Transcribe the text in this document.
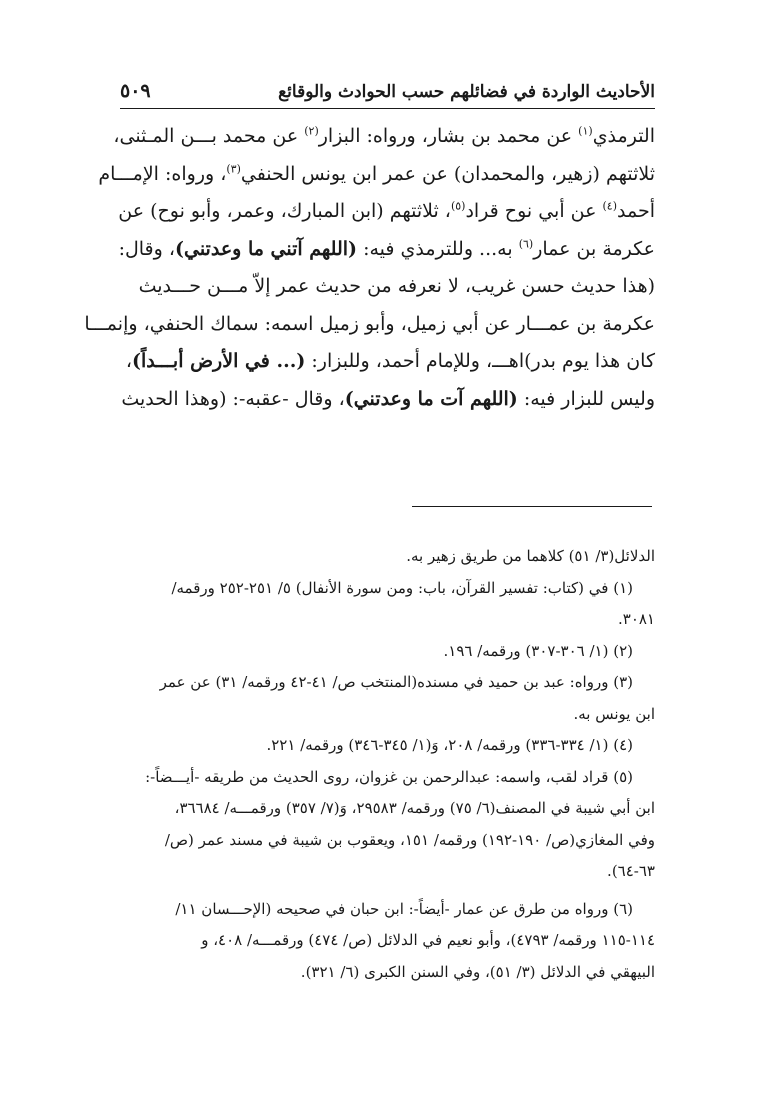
الأحاديث الواردة في فضائلهم حسب الحوادث والوقائع
٥٠٩
الترمذي$^{(١)}$ عن محمد بن بشار، ورواه: البزار$^{(٢)}$ عن محمد بـــن المـثنى،
ثلاثتهم (زهير، والمحمدان) عن عمر ابن يونس الحنفي$^{(٣)}$، ورواه: الإمـــام
أحمد$^{(٤)}$ عن أبي نوح قراد$^{(٥)}$، ثلاثتهم (ابن المبارك، وعمر، وأبو نوح) عن
عكرمة بن عمار$^{(٦)}$ به... وللترمذي فيه: (اللهم آتني ما وعدتني)، وقال:
(هذا حديث حسن غريب، لا نعرفه من حديث عمر إلاّ مـــن حـــديث
عكرمة بن عمـــار عن أبي زميل، وأبو زميل اسمه: سماك الحنفي، وإنمـــا
كان هذا يوم بدر)اهـــ، وللإمام أحمد، وللبزار: (... في الأرض أبـــداً)،
وليس للبزار فيه: (اللهم آت ما وعدتني)، وقال -عقبه-: (وهذا الحديث
الدلائل(٣/ ٥١) كلاهما من طريق زهير به.
(١) في (كتاب: تفسير القرآن، باب: ومن سورة الأنفال) ٥/ ٢٥١-٢٥٢ ورقمه/
٣٠٨١.
(٢) (١/ ٣٠٦-٣٠٧) ورقمه/ ١٩٦.
(٣) ورواه: عبد بن حميد في مسنده(المنتخب ص/ ٤١-٤٢ ورقمه/ ٣١) عن عمر
ابن يونس به.
(٤) (١/ ٣٣٤-٣٣٦) ورقمه/ ٢٠٨، وَ(١/ ٣٤٥-٣٤٦) ورقمه/ ٢٢١.
(٥) قراد لقب، واسمه: عبدالرحمن بن غزوان، روى الحديث من طريقه -أيـــضاً-:
ابن أبي شيبة في المصنف(٦/ ٧٥) ورقمه/ ٢٩٥٨٣، وَ(٧/ ٣٥٧) ورقمـــه/ ٣٦٦٨٤،
وفي المغازي(ص/ ١٩٠-١٩٢) ورقمه/ ١٥١، ويعقوب بن شيبة في مسند عمر (ص/
٦٣-٦٤).
(٦) ورواه من طرق عن عمار -أيضاً-: ابن حبان في صحيحه (الإحـــسان ١١/
١١٤-١١٥ ورقمه/ ٤٧٩٣)، وأبو نعيم في الدلائل (ص/ ٤٧٤) ورقمـــه/ ٤٠٨، و
البيهقي في الدلائل (٣/ ٥١)، وفي السنن الكبرى (٦/ ٣٢١).
